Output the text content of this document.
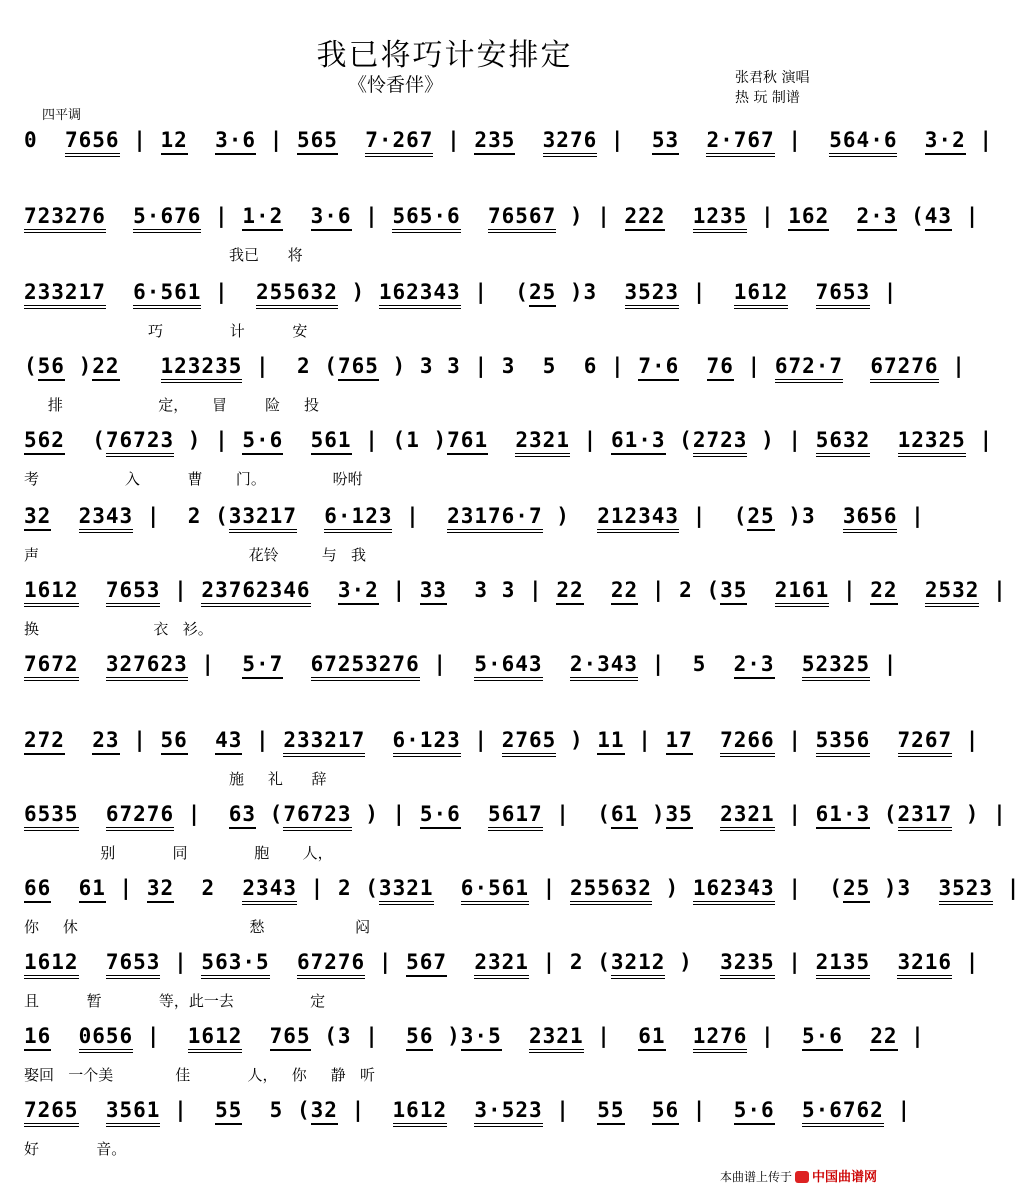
我已将巧计安排定
《怜香伴》	张君秋 演唱
热 玩 制谱
四平调
0 7656 | 12 3·6 | 565 7·267 | 235 3276 | 53 2·767 | 564·6 3·2 |
723276 5·676 | 1·2 3·6 | 565·6 76567 ) | 222 1235 | 162 2·3 (43 |
我已      将
233217 6·561 | 255632 ) 162343 | (25 )3 3523 | 1612 7653 |
巧              计          安
(56 )22 123235 | 2 (765 ) 3 3 | 3 5 6 | 7·6 76 | 672·7 67276 |
排                    定，     冒        险     投
562 (76723 ) | 5·6 561 | (1 )761 2321 | 61·3 (2723 ) | 5632 12325 |
考                  入          曹       门。              吩咐
32 2343 | 2 (33217 6·123 | 23176·7 ) 212343 | (25 )3 3656 |
声                                            花铃         与   我
1612 7653 | 23762346 3·2 | 33 3 3 | 22 22 | 2 (35 2161 | 22 2532 |
换                        衣   衫。
7672 327623 | 5·7 67253276 | 5·643 2·343 | 5 2·3 52325 |
272 23 | 56 43 | 233217 6·123 | 2765 ) 11 | 17 7266 | 5356 7267 |
施     礼      辞
6535 67276 | 63 (76723 ) | 5·6 5617 | (61 )35 2321 | 61·3 (2317 ) |
别            同              胞       人，
66 61 | 32 2 2343 | 2 (3321 6·561 | 255632 ) 162343 | (25 )3 3523 |
你     休                                    愁                   闷
1612 7653 | 563·5 67276 | 567 2321 | 2 (3212 ) 3235 | 2135 3216 |
且          暂            等，此一去                定
16 0656 | 1612 765 (3 | 56 )3·5 2321 | 61 1276 | 5·6 22 |
娶回   一个美             佳            人，   你     静   听
7265 3561 | 55 5 (32 | 1612 3·523 | 55 56 | 5·6 5·6762 |
好            音。
本曲谱上传于 中国曲谱网
